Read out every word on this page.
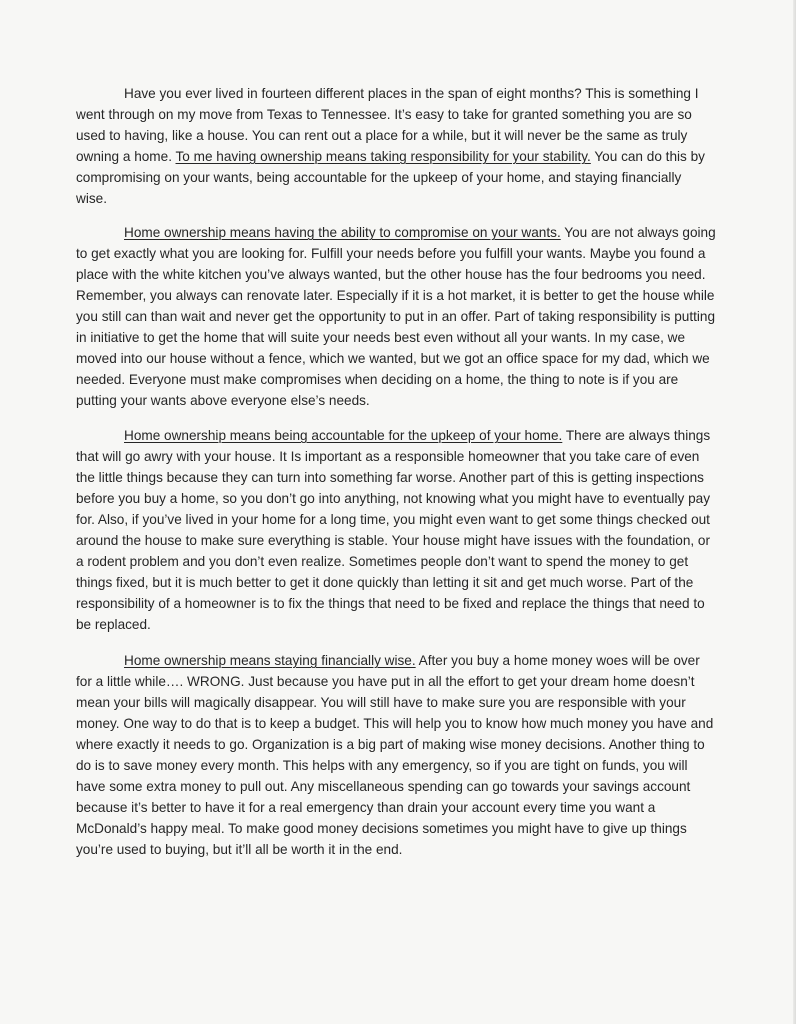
Have you ever lived in fourteen different places in the span of eight months? This is something I went through on my move from Texas to Tennessee. It’s easy to take for granted something you are so used to having, like a house. You can rent out a place for a while, but it will never be the same as truly owning a home. To me having ownership means taking responsibility for your stability. You can do this by compromising on your wants, being accountable for the upkeep of your home, and staying financially wise.

Home ownership means having the ability to compromise on your wants. You are not always going to get exactly what you are looking for. Fulfill your needs before you fulfill your wants. Maybe you found a place with the white kitchen you’ve always wanted, but the other house has the four bedrooms you need. Remember, you always can renovate later. Especially if it is a hot market, it is better to get the house while you still can than wait and never get the opportunity to put in an offer. Part of taking responsibility is putting in initiative to get the home that will suite your needs best even without all your wants. In my case, we moved into our house without a fence, which we wanted, but we got an office space for my dad, which we needed. Everyone must make compromises when deciding on a home, the thing to note is if you are putting your wants above everyone else’s needs.

Home ownership means being accountable for the upkeep of your home. There are always things that will go awry with your house. It Is important as a responsible homeowner that you take care of even the little things because they can turn into something far worse. Another part of this is getting inspections before you buy a home, so you don’t go into anything, not knowing what you might have to eventually pay for. Also, if you’ve lived in your home for a long time, you might even want to get some things checked out around the house to make sure everything is stable. Your house might have issues with the foundation, or a rodent problem and you don’t even realize. Sometimes people don’t want to spend the money to get things fixed, but it is much better to get it done quickly than letting it sit and get much worse. Part of the responsibility of a homeowner is to fix the things that need to be fixed and replace the things that need to be replaced.

Home ownership means staying financially wise. After you buy a home money woes will be over for a little while…. WRONG. Just because you have put in all the effort to get your dream home doesn’t mean your bills will magically disappear. You will still have to make sure you are responsible with your money. One way to do that is to keep a budget. This will help you to know how much money you have and where exactly it needs to go. Organization is a big part of making wise money decisions. Another thing to do is to save money every month. This helps with any emergency, so if you are tight on funds, you will have some extra money to pull out. Any miscellaneous spending can go towards your savings account because it’s better to have it for a real emergency than drain your account every time you want a McDonald’s happy meal. To make good money decisions sometimes you might have to give up things you’re used to buying, but it’ll all be worth it in the end.
